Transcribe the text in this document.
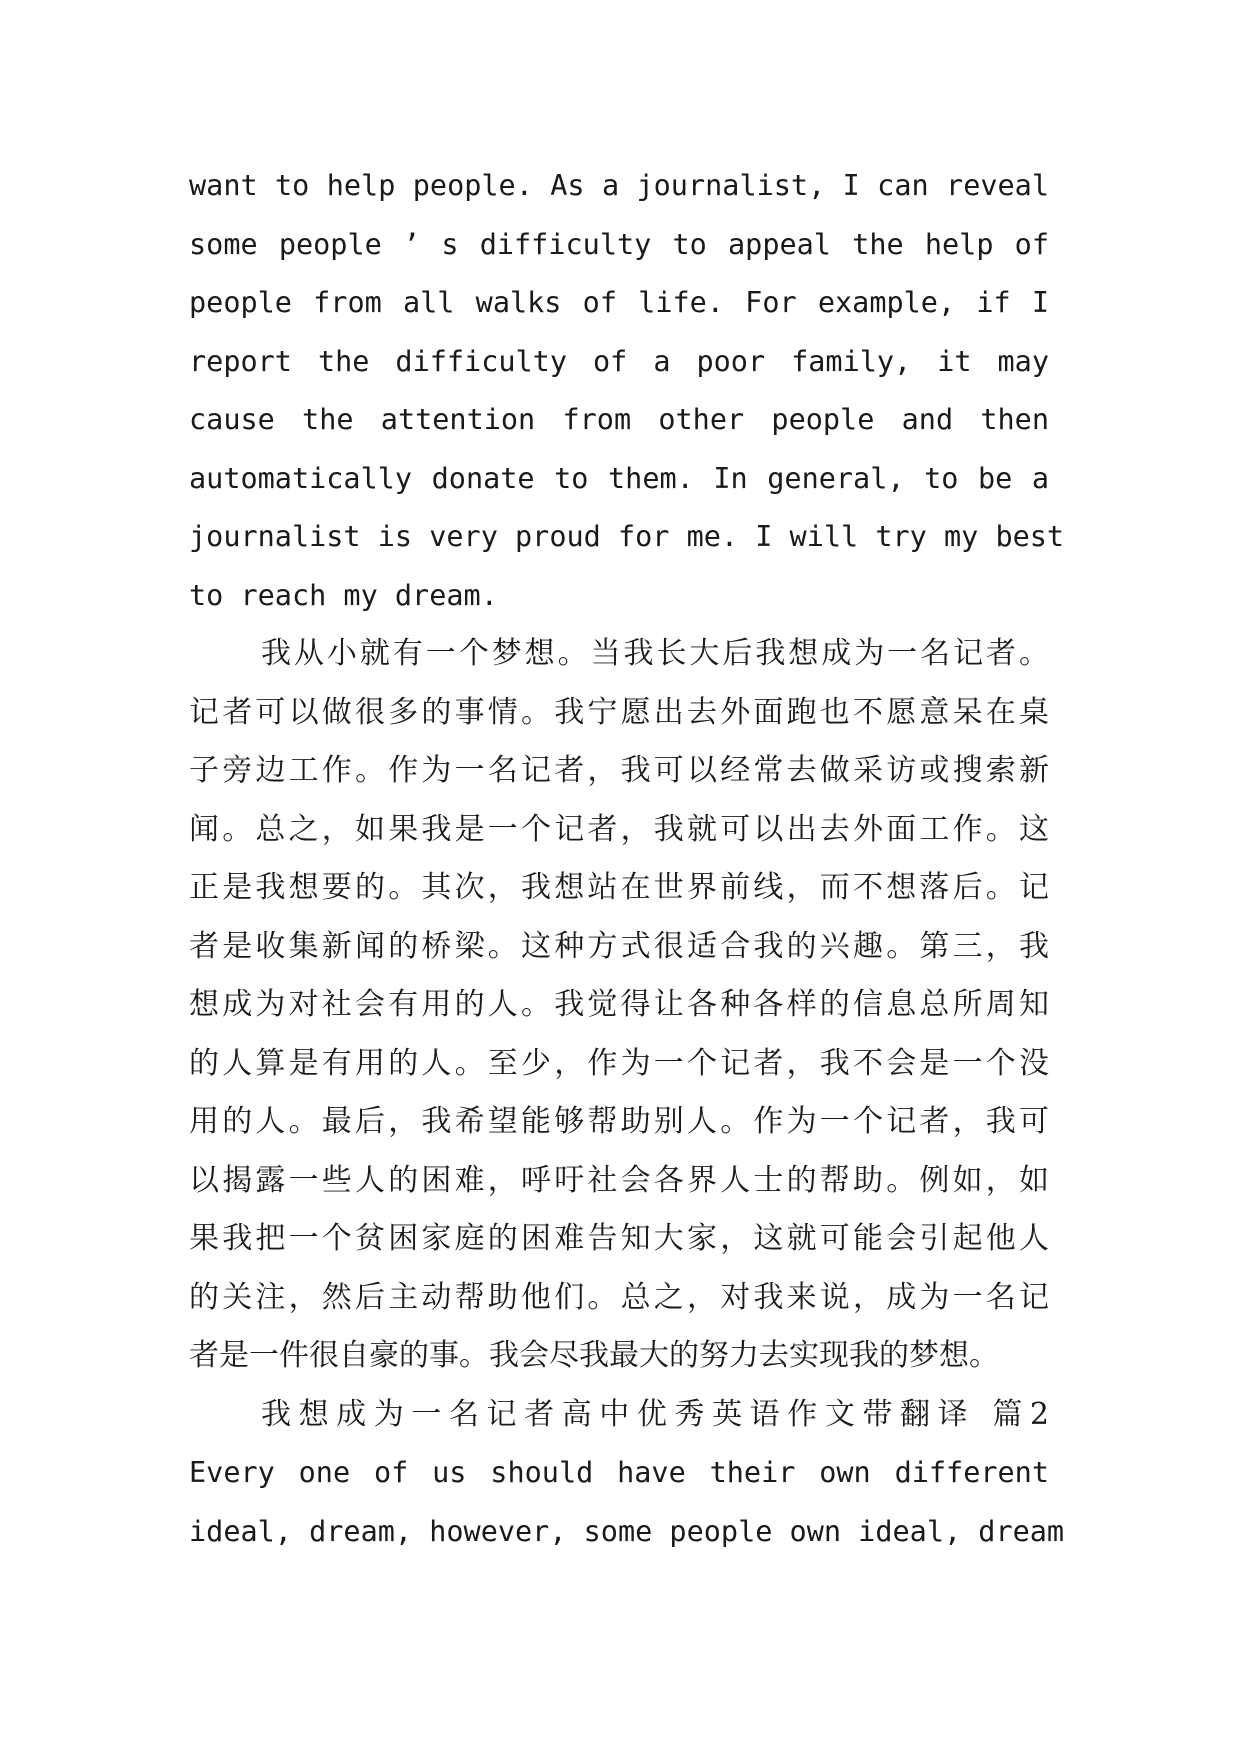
want to help people. As a journalist, I can reveal
some people ’ s difficulty to appeal the help of
people from all walks of life. For example, if I
report the difficulty of a poor family, it may
cause the attention from other people and then
automatically donate to them. In general, to be a
journalist is very proud for me. I will try my best
to reach my dream.
我从小就有一个梦想。当我长大后我想成为一名记者。
记者可以做很多的事情。我宁愿出去外面跑也不愿意呆在桌
子旁边工作。作为一名记者，我可以经常去做采访或搜索新
闻。总之，如果我是一个记者，我就可以出去外面工作。这
正是我想要的。其次，我想站在世界前线，而不想落后。记
者是收集新闻的桥梁。这种方式很适合我的兴趣。第三，我
想成为对社会有用的人。我觉得让各种各样的信息总所周知
的人算是有用的人。至少，作为一个记者，我不会是一个没
用的人。最后，我希望能够帮助别人。作为一个记者，我可
以揭露一些人的困难，呼吁社会各界人士的帮助。例如，如
果我把一个贫困家庭的困难告知大家，这就可能会引起他人
的关注，然后主动帮助他们。总之，对我来说，成为一名记
者是一件很自豪的事。我会尽我最大的努力去实现我的梦想。
我想成为一名记者高中优秀英语作文带翻译 篇2
Every one of us should have their own different
ideal, dream, however, some people own ideal, dream
